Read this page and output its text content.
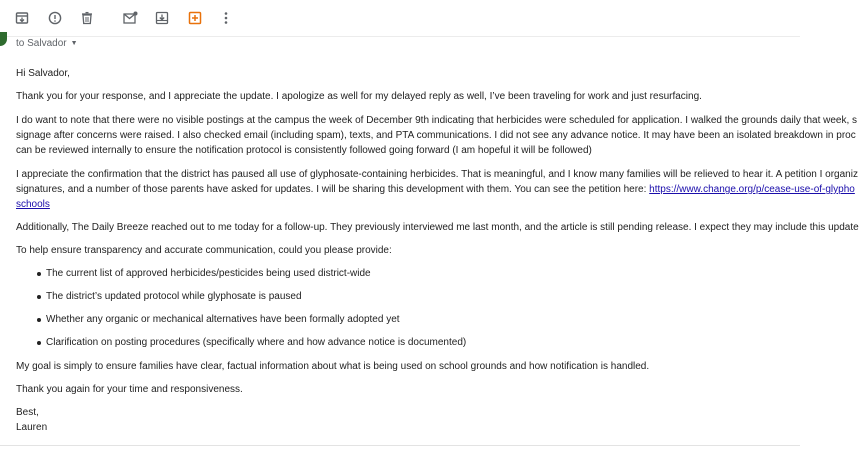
to Salvador ▼
Hi Salvador,
Thank you for your response, and I appreciate the update. I apologize as well for my delayed reply as well, I’ve been traveling for work and just resurfacing.
I do want to note that there were no visible postings at the campus the week of December 9th indicating that herbicides were scheduled for application. I walked the grounds daily that week, s
signage after concerns were raised. I also checked email (including spam), texts, and PTA communications. I did not see any advance notice. It may have been an isolated breakdown in proc
can be reviewed internally to ensure the notification protocol is consistently followed going forward (I am hopeful it will be followed)
I appreciate the confirmation that the district has paused all use of glyphosate-containing herbicides. That is meaningful, and I know many families will be relieved to hear it. A petition I organiz
signatures, and a number of those parents have asked for updates. I will be sharing this development with them. You can see the petition here: https://www.change.org/p/cease-use-of-glypho
schools
Additionally, The Daily Breeze reached out to me today for a follow-up. They previously interviewed me last month, and the article is still pending release. I expect they may include this update
To help ensure transparency and accurate communication, could you please provide:
The current list of approved herbicides/pesticides being used district-wide
The district’s updated protocol while glyphosate is paused
Whether any organic or mechanical alternatives have been formally adopted yet
Clarification on posting procedures (specifically where and how advance notice is documented)
My goal is simply to ensure families have clear, factual information about what is being used on school grounds and how notification is handled.
Thank you again for your time and responsiveness.
Best,
Lauren
